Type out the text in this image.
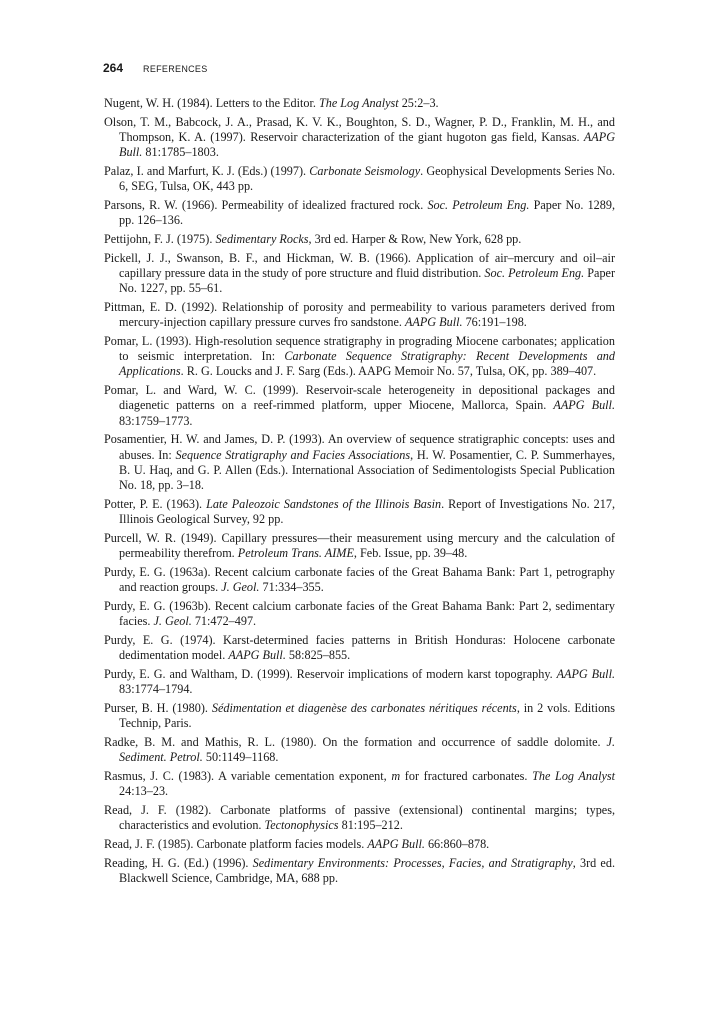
264 REFERENCES

Nugent, W. H. (1984). Letters to the Editor. The Log Analyst 25:2–3.

Olson, T. M., Babcock, J. A., Prasad, K. V. K., Boughton, S. D., Wagner, P. D., Franklin, M. H., and Thompson, K. A. (1997). Reservoir characterization of the giant hugoton gas field, Kansas. AAPG Bull. 81:1785–1803.

Palaz, I. and Marfurt, K. J. (Eds.) (1997). Carbonate Seismology. Geophysical Developments Series No. 6, SEG, Tulsa, OK, 443 pp.

Parsons, R. W. (1966). Permeability of idealized fractured rock. Soc. Petroleum Eng. Paper No. 1289, pp. 126–136.

Pettijohn, F. J. (1975). Sedimentary Rocks, 3rd ed. Harper & Row, New York, 628 pp.

Pickell, J. J., Swanson, B. F., and Hickman, W. B. (1966). Application of air–mercury and oil–air capillary pressure data in the study of pore structure and fluid distribution. Soc. Petroleum Eng. Paper No. 1227, pp. 55–61.

Pittman, E. D. (1992). Relationship of porosity and permeability to various parameters derived from mercury-injection capillary pressure curves fro sandstone. AAPG Bull. 76:191–198.

Pomar, L. (1993). High-resolution sequence stratigraphy in prograding Miocene carbonates; application to seismic interpretation. In: Carbonate Sequence Stratigraphy: Recent Developments and Applications. R. G. Loucks and J. F. Sarg (Eds.). AAPG Memoir No. 57, Tulsa, OK, pp. 389–407.

Pomar, L. and Ward, W. C. (1999). Reservoir-scale heterogeneity in depositional packages and diagenetic patterns on a reef-rimmed platform, upper Miocene, Mallorca, Spain. AAPG Bull. 83:1759–1773.

Posamentier, H. W. and James, D. P. (1993). An overview of sequence stratigraphic concepts: uses and abuses. In: Sequence Stratigraphy and Facies Associations, H. W. Posamentier, C. P. Summerhayes, B. U. Haq, and G. P. Allen (Eds.). International Association of Sedimentologists Special Publication No. 18, pp. 3–18.

Potter, P. E. (1963). Late Paleozoic Sandstones of the Illinois Basin. Report of Investigations No. 217, Illinois Geological Survey, 92 pp.

Purcell, W. R. (1949). Capillary pressures—their measurement using mercury and the calculation of permeability therefrom. Petroleum Trans. AIME, Feb. Issue, pp. 39–48.

Purdy, E. G. (1963a). Recent calcium carbonate facies of the Great Bahama Bank: Part 1, petrography and reaction groups. J. Geol. 71:334–355.

Purdy, E. G. (1963b). Recent calcium carbonate facies of the Great Bahama Bank: Part 2, sedimentary facies. J. Geol. 71:472–497.

Purdy, E. G. (1974). Karst-determined facies patterns in British Honduras: Holocene carbonate dedimentation model. AAPG Bull. 58:825–855.

Purdy, E. G. and Waltham, D. (1999). Reservoir implications of modern karst topography. AAPG Bull. 83:1774–1794.

Purser, B. H. (1980). Sédimentation et diagenèse des carbonates néritiques récents, in 2 vols. Editions Technip, Paris.

Radke, B. M. and Mathis, R. L. (1980). On the formation and occurrence of saddle dolomite. J. Sediment. Petrol. 50:1149–1168.

Rasmus, J. C. (1983). A variable cementation exponent, m for fractured carbonates. The Log Analyst 24:13–23.

Read, J. F. (1982). Carbonate platforms of passive (extensional) continental margins; types, characteristics and evolution. Tectonophysics 81:195–212.

Read, J. F. (1985). Carbonate platform facies models. AAPG Bull. 66:860–878.

Reading, H. G. (Ed.) (1996). Sedimentary Environments: Processes, Facies, and Stratigraphy, 3rd ed. Blackwell Science, Cambridge, MA, 688 pp.
